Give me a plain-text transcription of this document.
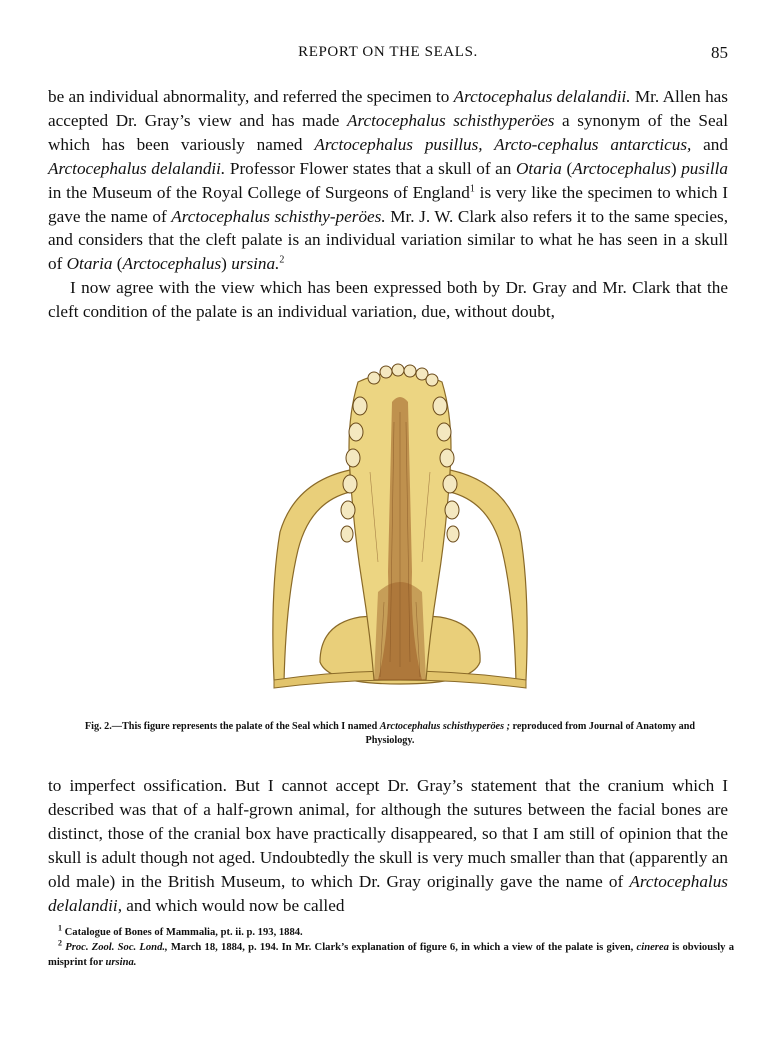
REPORT ON THE SEALS.	85

be an individual abnormality, and referred the specimen to Arctocephalus delalandii. Mr. Allen has accepted Dr. Gray’s view and has made Arctocephalus schisthyperöes a synonym of the Seal which has been variously named Arctocephalus pusillus, Arcto-cephalus antarcticus, and Arctocephalus delalandii. Professor Flower states that a skull of an Otaria (Arctocephalus) pusilla in the Museum of the Royal College of Surgeons of England$^1$ is very like the specimen to which I gave the name of Arctocephalus schisthy-peröes. Mr. J. W. Clark also refers it to the same species, and considers that the cleft palate is an individual variation similar to what he has seen in a skull of Otaria (Arctocephalus) ursina.$^2$

I now agree with the view which has been expressed both by Dr. Gray and Mr. Clark that the cleft condition of the palate is an individual variation, due, without doubt,

Fig. 2.—This figure represents the palate of the Seal which I named Arctocephalus schisthyperöes ; reproduced from Journal of Anatomy and Physiology.

to imperfect ossification. But I cannot accept Dr. Gray’s statement that the cranium which I described was that of a half-grown animal, for although the sutures between the facial bones are distinct, those of the cranial box have practically disappeared, so that I am still of opinion that the skull is adult though not aged. Undoubtedly the skull is very much smaller than that (apparently an old male) in the British Museum, to which Dr. Gray originally gave the name of Arctocephalus delalandii, and which would now be called

$^1$ Catalogue of Bones of Mammalia, pt. ii. p. 193, 1884.

$^2$ Proc. Zool. Soc. Lond., March 18, 1884, p. 194. In Mr. Clark’s explanation of figure 6, in which a view of the palate is given, cinerea is obviously a misprint for ursina.
